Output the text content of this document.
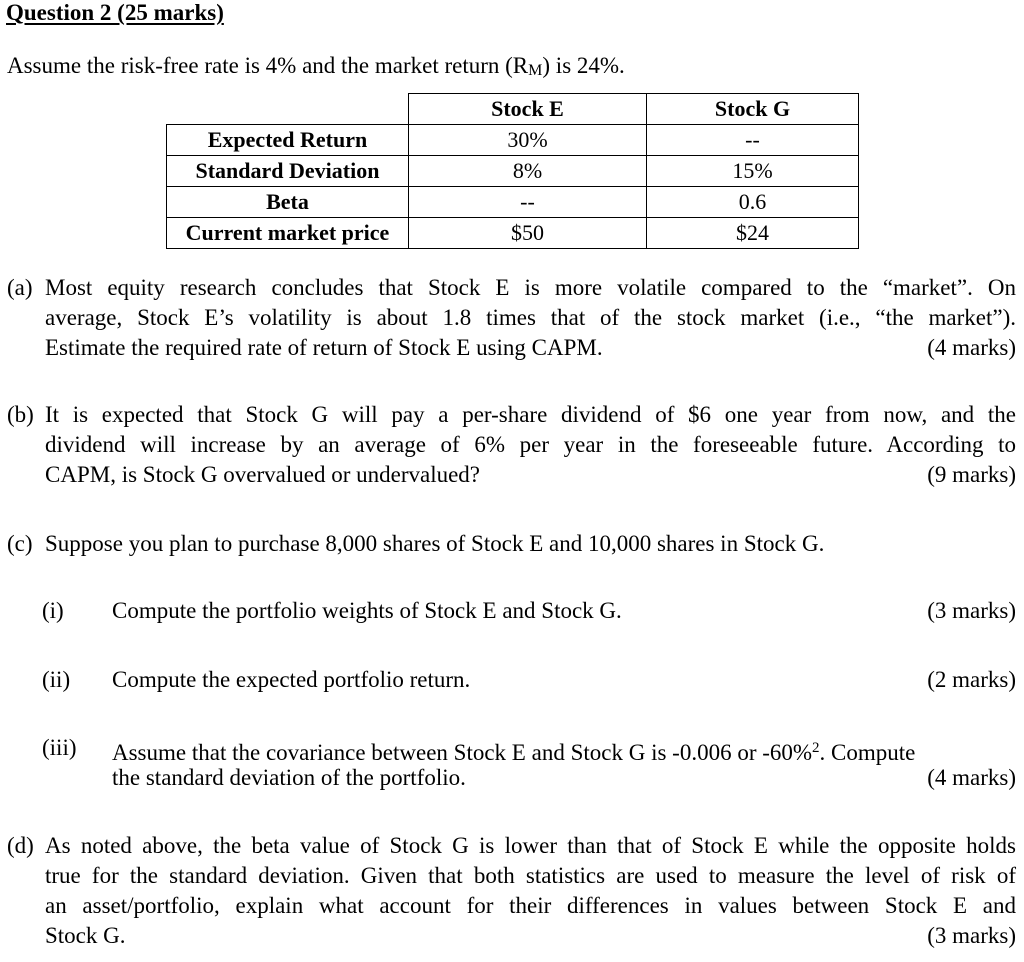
Question 2 (25 marks)
Assume the risk-free rate is 4% and the market return $(R_M)$ is 24%.
	Stock E	Stock G
Expected Return	30%	--
Standard Deviation	8%	15%
Beta	--	0.6
Current market price	$50	$24
(a) Most equity research concludes that Stock E is more volatile compared to the “market”. On
average, Stock E’s volatility is about 1.8 times that of the stock market (i.e., “the market”).
Estimate the required rate of return of Stock E using CAPM.	(4 marks)
(b) It is expected that Stock G will pay a per-share dividend of $6 one year from now, and the
dividend will increase by an average of 6% per year in the foreseeable future. According to
CAPM, is Stock G overvalued or undervalued?	(9 marks)
(c) Suppose you plan to purchase 8,000 shares of Stock E and 10,000 shares in Stock G.
(i) Compute the portfolio weights of Stock E and Stock G.	(3 marks)
(ii) Compute the expected portfolio return.	(2 marks)
(iii) Assume that the covariance between Stock E and Stock G is -0.006 or -60%$^2$. Compute
the standard deviation of the portfolio.	(4 marks)
(d) As noted above, the beta value of Stock G is lower than that of Stock E while the opposite holds
true for the standard deviation. Given that both statistics are used to measure the level of risk of
an asset/portfolio, explain what account for their differences in values between Stock E and
Stock G.	(3 marks)
